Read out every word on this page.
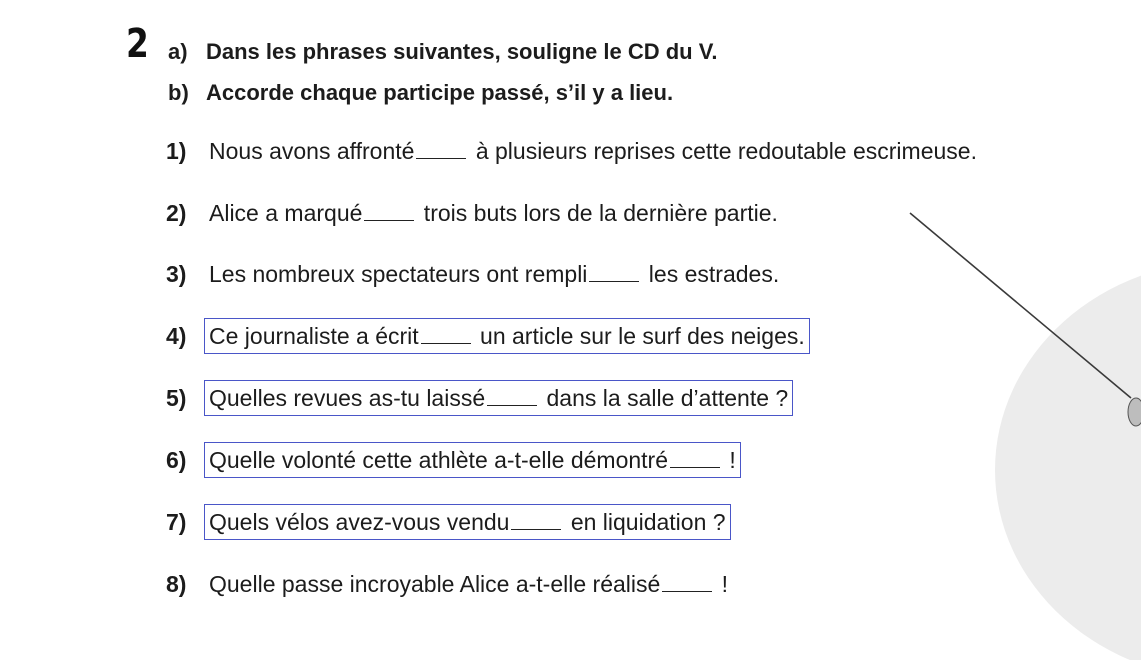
2 a) Dans les phrases suivantes, souligne le CD du V.
b) Accorde chaque participe passé, s’il y a lieu.
1) Nous avons affronté à plusieurs reprises cette redoutable escrimeuse.
2) Alice a marqué trois buts lors de la dernière partie.
3) Les nombreux spectateurs ont rempli les estrades.
4) Ce journaliste a écrit un article sur le surf des neiges.
5) Quelles revues as-tu laissé dans la salle d’attente ?
6) Quelle volonté cette athlète a-t-elle démontré !
7) Quels vélos avez-vous vendu en liquidation ?
8) Quelle passe incroyable Alice a-t-elle réalisé !
